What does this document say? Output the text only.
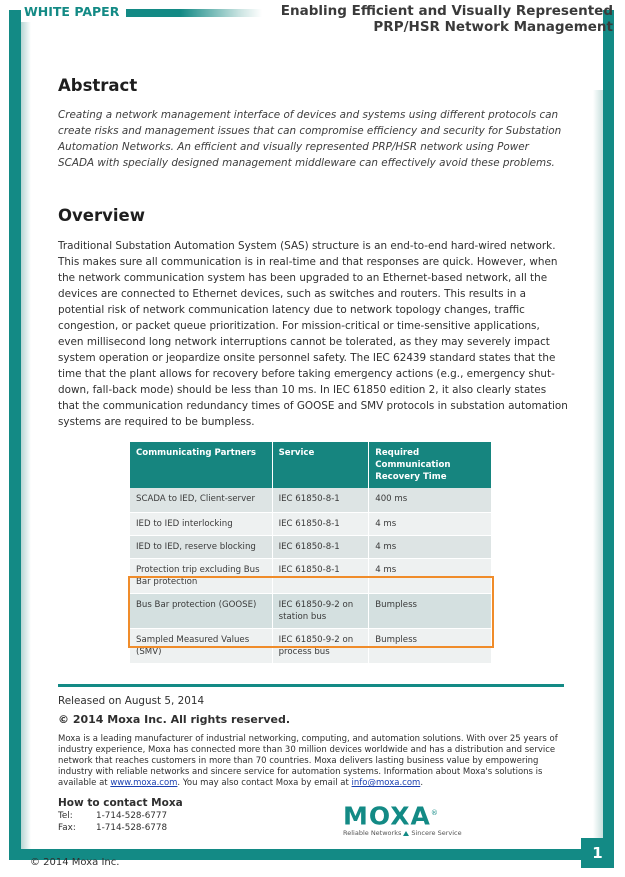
1
WHITE PAPER	Enabling Efficient and Visually Represented
PRP/HSR Network Management
Abstract
Creating a network management interface of devices and systems using different protocols can create risks and management issues that can compromise efficiency and security for Substation Automation Networks. An efficient and visually represented PRP/HSR network using Power SCADA with specially designed management middleware can effectively avoid these problems.
Overview
Traditional Substation Automation System (SAS) structure is an end-to-end hard-wired network. This makes sure all communication is in real-time and that responses are quick. However, when the network communication system has been upgraded to an Ethernet-based network, all the devices are connected to Ethernet devices, such as switches and routers. This results in a potential risk of network communication latency due to network topology changes, traffic congestion, or packet queue prioritization. For mission-critical or time-sensitive applications, even millisecond long network interruptions cannot be tolerated, as they may severely impact system operation or jeopardize onsite personnel safety. The IEC 62439 standard states that the time that the plant allows for recovery before taking emergency actions (e.g., emergency shut-down, fall-back mode) should be less than 10 ms. In IEC 61850 edition 2, it also clearly states that the communication redundancy times of GOOSE and SMV protocols in substation automation systems are required to be bumpless.
Communicating Partners	Service	Required Communication Recovery Time
SCADA to IED, Client-server	IEC 61850-8-1	400 ms
IED to IED interlocking	IEC 61850-8-1	4 ms
IED to IED, reserve blocking	IEC 61850-8-1	4 ms
Protection trip excluding Bus Bar protection	IEC 61850-8-1	4 ms
Bus Bar protection (GOOSE)	IEC 61850-9-2 on station bus	Bumpless
Sampled Measured Values (SMV)	IEC 61850-9-2 on process bus	Bumpless
Released on August 5, 2014
© 2014 Moxa Inc. All rights reserved.
Moxa is a leading manufacturer of industrial networking, computing, and automation solutions. With over 25 years of industry experience, Moxa has connected more than 30 million devices worldwide and has a distribution and service network that reaches customers in more than 70 countries. Moxa delivers lasting business value by empowering industry with reliable networks and sincere service for automation systems. Information about Moxa's solutions is available at www.moxa.com. You may also contact Moxa by email at info@moxa.com.
How to contact Moxa
Tel:	1-714-528-6777
Fax: 1-714-528-6778	MOXA®
Reliable Networks Sincere Service
© 2014 Moxa Inc.
